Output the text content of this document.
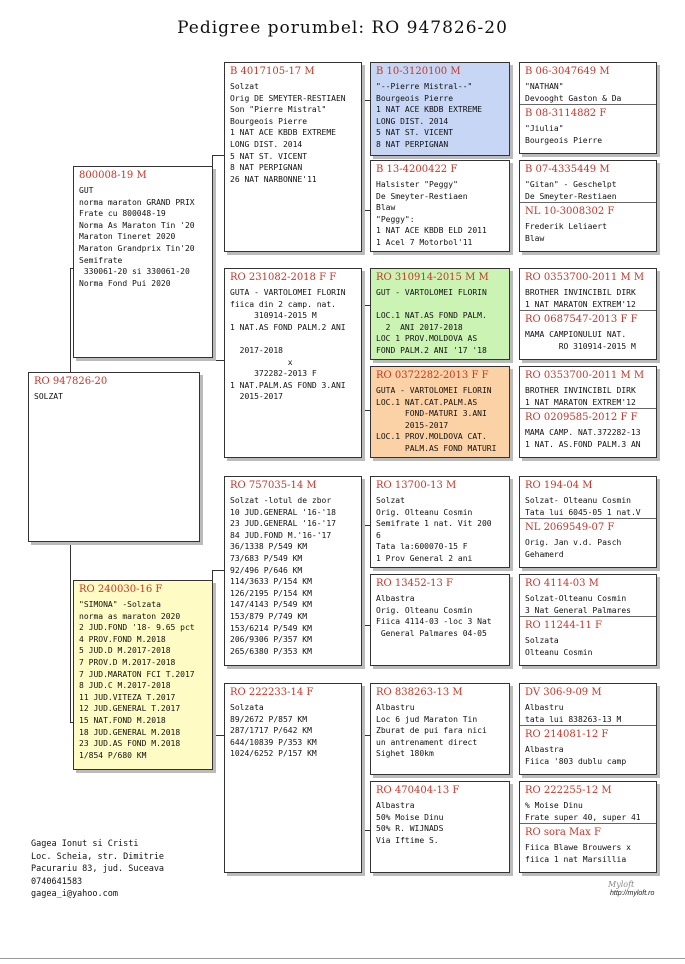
Pedigree porumbel: RO 947826-20
RO 947826-20
SOLZAT
800008-19 M
GUT
norma maraton GRAND PRIX
Frate cu 800048-19
Norma As Maraton Tin '20
Maraton Tineret 2020
Maraton Grandprix Tin'20
Semifrate
330061-20 si 330061-20
Norma Fond Pui 2020
RO 240030-16 F
"SIMONA" -Solzata
norma as maraton 2020
2 JUD.FOND '18- 9.65 pct
4 PROV.FOND M.2018
5 JUD.D M.2017-2018
7 PROV.D M.2017-2018
7 JUD.MARATON FCI T.2017
8 JUD.C M.2017-2018
11 JUD.VITEZA T.2017
12 JUD.GENERAL T.2017
15 NAT.FOND M.2018
18 JUD.GENERAL M.2018
23 JUD.AS FOND M.2018
1/854 P/680 KM
B 4017105-17 M
Solzat
Orig DE SMEYTER-RESTIAEN
Son "Pierre Mistral"
Bourgeois Pierre
1 NAT ACE KBDB EXTREME
LONG DIST. 2014
5 NAT ST. VICENT
8 NAT PERPIGNAN
26 NAT NARBONNE'11
RO 231082-2018 F F
GUTA - VARTOLOMEI FLORIN
fiica din 2 camp. nat.
310914-2015 M
1 NAT.AS FOND PALM.2 ANI

2017-2018
x
372282-2013 F
1 NAT.PALM.AS FOND 3.ANI
2015-2017
RO 757035-14 M
Solzat -lotul de zbor
10 JUD.GENERAL '16-'18
23 JUD.GENERAL '16-'17
84 JUD.FOND M.'16-'17
36/1338 P/549 KM
73/683 P/549 KM
92/496 P/646 KM
114/3633 P/154 KM
126/2195 P/154 KM
147/4143 P/549 KM
153/879 P/749 KM
153/6214 P/549 KM
206/9306 P/357 KM
265/6380 P/353 KM
RO 222233-14 F
Solzata
89/2672 P/857 KM
287/1717 P/642 KM
644/10839 P/353 KM
1024/6252 P/157 KM
B 10-3120100 M
"--Pierre Mistral--"
Bourgeois Pierre
1 NAT ACE KBDB EXTREME
LONG DIST. 2014
5 NAT ST. VICENT
8 NAT PERPIGNAN
B 13-4200422 F
Halsister "Peggy"
De Smeyter-Restiaen
Blaw
"Peggy":
1 NAT ACE KBDB ELD 2011
1 Acel 7 Motorbol'11
RO 310914-2015 M M
GUT - VARTOLOMEI FLORIN

LOC.1 NAT.AS FOND PALM.
2  ANI 2017-2018
LOC 1 PROV.MOLDOVA AS
FOND PALM.2 ANI '17 '18
RO 0372282-2013 F F
GUTA - VARTOLOMEI FLORIN
LOC.1 NAT.CAT.PALM.AS
FOND-MATURI 3.ANI
2015-2017
LOC.1 PROV.MOLDOVA CAT.
PALM.AS FOND MATURI
RO 13700-13 M
Solzat
Orig. Olteanu Cosmin
Semifrate 1 nat. Vit 200
6
Tata la:600070-15 F
1 Prov General 2 ani
RO 13452-13 F
Albastra
Orig. Olteanu Cosmin
Fiica 4114-03 -loc 3 Nat
General Palmares 04-05
RO 838263-13 M
Albastru
Loc 6 jud Maraton Tin
Zburat de pui fara nici
un antrenament direct
Sighet 180km
RO 470404-13 F
Albastra
50% Moise Dinu
50% R. WIJNADS
Via Iftime S.
B 06-3047649 M
"NATHAN"
Devooght Gaston & Da
B 08-3114882 F
"Jiulia"
Bourgeois Pierre
B 07-4335449 M
"Gitan" - Geschelpt
De Smeyter-Restiaen
NL 10-3008302 F
Frederik Leliaert
Blaw
RO 0353700-2011 M M
BROTHER INVINCIBIL DIRK
1 NAT MARATON EXTREM'12
RO 0687547-2013 F F
MAMA CAMPIONULUI NAT.
RO 310914-2015 M
RO 0353700-2011 M M
BROTHER INVINCIBIL DIRK
1 NAT MARATON EXTREM'12
RO 0209585-2012 F F
MAMA CAMP. NAT.372282-13
1 NAT. AS.FOND PALM.3 AN
RO 194-04 M
Solzat- Olteanu Cosmin
Tata lui 6045-05 1 nat.V
NL 2069549-07 F
Orig. Jan v.d. Pasch
Gehamerd
RO 4114-03 M
Solzat-Olteanu Cosmin
3 Nat General Palmares
RO 11244-11 F
Solzata
Olteanu Cosmin
DV 306-9-09 M
Albastru
tata lui 838263-13 M
RO 214081-12 F
Albastra
Fiica '803 dublu camp
RO 222255-12 M
% Moise Dinu
Frate super 40, super 41
RO sora Max F
Fiica Blawe Brouwers x
fiica 1 nat Marsillia
Gagea Ionut si Cristi
Loc. Scheia, str. Dimitrie
Pacurariu 83, jud. Suceava
0740641583
gagea_i@yahoo.com
Myloft
http://myloft.ro
